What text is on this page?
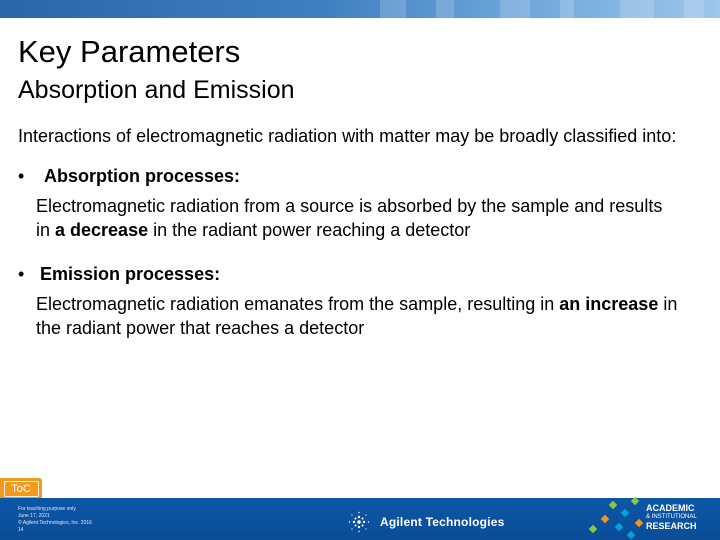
Key Parameters
Absorption and Emission

Interactions of electromagnetic radiation with matter may be broadly classified into:

• Absorption processes:

Electromagnetic radiation from a source is absorbed by the sample and results in a decrease in the radiant power reaching a detector

• Emission processes:

Electromagnetic radiation emanates from the sample, resulting in an increase in the radiant power that reaches a detector

ToC
For teaching purpose only
June 17, 2021
© Agilent Technologies, Inc. 2016
14
Agilent Technologies
ACADEMIC
& INSTITUTIONAL
RESEARCH
